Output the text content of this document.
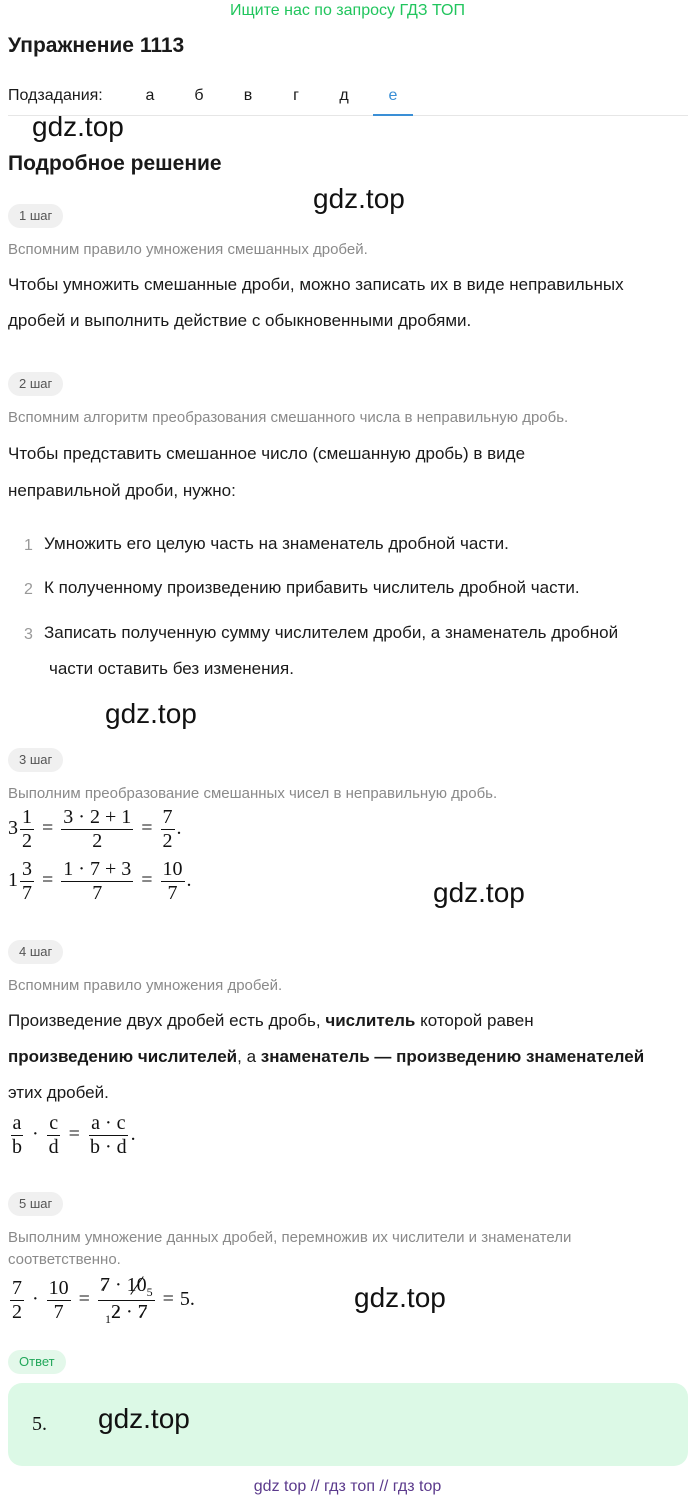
Ищите нас по запросу ГДЗ ТОП
Упражнение 1113
Подзадания:	а	б	в	г	д	е
gdz.top
Подробное решение
gdz.top
1 шаг
Вспомним правило умножения смешанных дробей.
Чтобы умножить смешанные дроби, можно записать их в виде неправильных
дробей и выполнить действие с обыкновенными дробями.
2 шаг
Вспомним алгоритм преобразования смешанного числа в неправильную дробь.
Чтобы представить смешанное число (смешанную дробь) в виде
неправильной дроби, нужно:
1 Умножить его целую часть на знаменатель дробной части.
2 К полученному произведению прибавить числитель дробной части.
3 Записать полученную сумму числителем дроби, а знаменатель дробной
части оставить без изменения.
gdz.top
3 шаг
Выполним преобразование смешанных чисел в неправильную дробь.
$3 \frac{1}{2} = \frac{3 \cdot 2 + 1}{2} = \frac{7}{2}$ .
$1 \frac{3}{7} = \frac{1 \cdot 7 + 3}{7} = \frac{10}{7}$ .	gdz.top
4 шаг
Вспомним правило умножения дробей.
Произведение двух дробей есть дробь, числитель которой равен
произведению числителей, а знаменатель — произведению знаменателей
этих дробей.
$\frac{a}{b} \cdot \frac{c}{d} = \frac{a \cdot c}{b \cdot d}$ .
5 шаг
Выполним умножение данных дробей, перемножив их числители и знаменатели
соответственно.
$\frac{7}{2} \cdot \frac{10}{7} = \frac{7 \cdot 10_5}{_12 \cdot 7} = 5$.	gdz.top
Ответ
5. gdz.top
gdz top // гдз топ // гдз top
